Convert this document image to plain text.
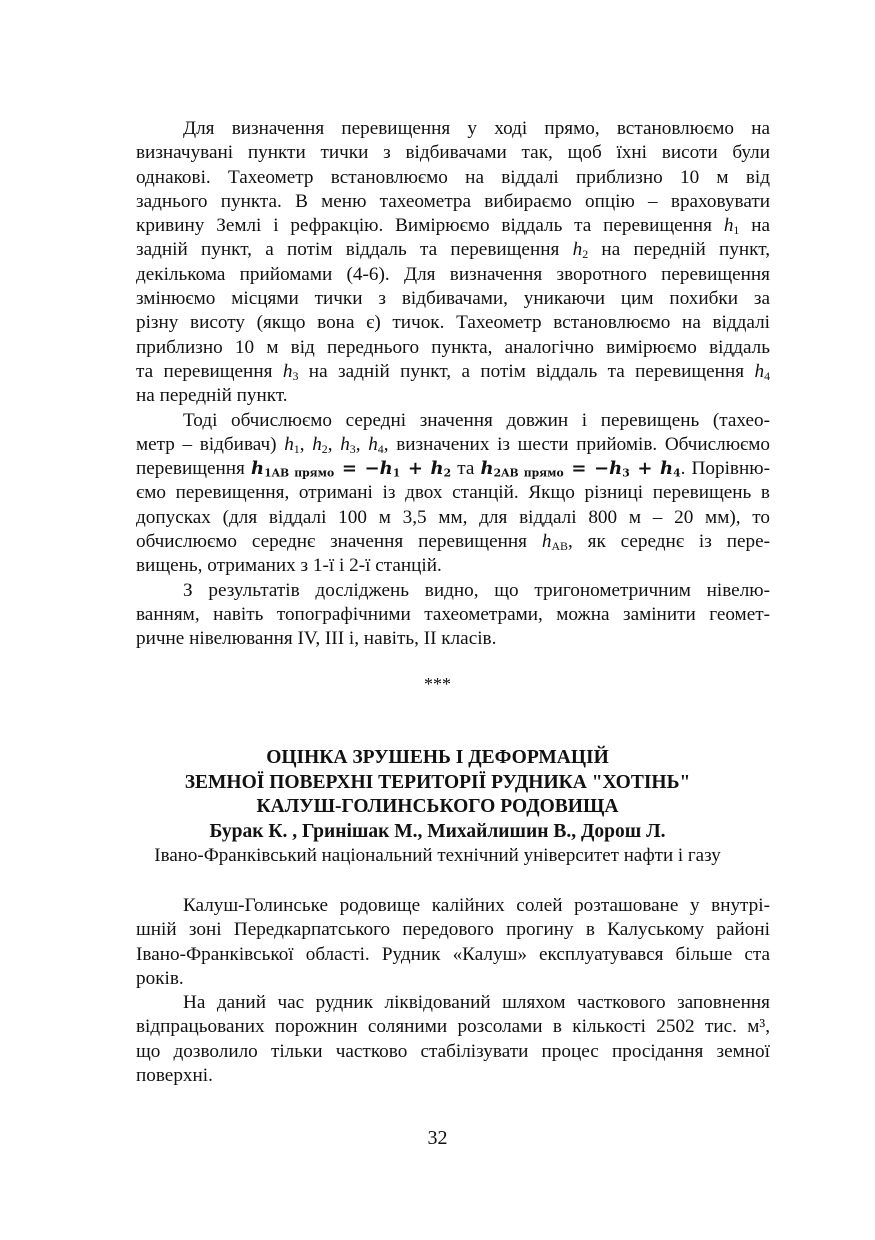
Для визначення перевищення у ході прямо, встановлюємо на
визначувані пункти тички з відбивачами так, щоб їхні висоти були
однакові. Тахеометр встановлюємо на віддалі приблизно 10 м від
заднього пункта. В меню тахеометра вибираємо опцію – враховувати
кривину Землі і рефракцію. Вимірюємо віддаль та перевищення $h_1$ на
задній пункт, а потім віддаль та перевищення $h_2$ на передній пункт,
декількома прийомами (4-6). Для визначення зворотного перевищення
змінюємо місцями тички з відбивачами, уникаючи цим похибки за
різну висоту (якщо вона є) тичок. Тахеометр встановлюємо на віддалі
приблизно 10 м від переднього пункта, аналогічно вимірюємо віддаль
та перевищення $h_3$ на задній пункт, а потім віддаль та перевищення $h_4$
на передній пункт.
Тоді обчислюємо середні значення довжин і перевищень (тахео-
метр – відбивач) $h_1$, $h_2$, $h_3$, $h_4$, визначених із шести прийомів. Обчислюємо
перевищення $h_{1AB прямо} = -h_1 + h_2$ та $h_{2AB прямо} = -h_3 + h_4$. Порівню-
ємо перевищення, отримані із двох станцій. Якщо різниці перевищень в
допусках (для віддалі 100 м 3,5 мм, для віддалі 800 м – 20 мм), то
обчислюємо середнє значення перевищення $h_{AB}$, як середнє із пере-
вищень, отриманих з 1-ї і 2-ї станцій.
З результатів досліджень видно, що тригонометричним нівелю-
ванням, навіть топографічними тахеометрами, можна замінити геомет-
ричне нівелювання IV, III і, навіть, II класів.
***
ОЦІНКА ЗРУШЕНЬ І ДЕФОРМАЦІЙ
ЗЕМНОЇ ПОВЕРХНІ ТЕРИТОРІЇ РУДНИКА "ХОТІНЬ"
КАЛУШ-ГОЛИНСЬКОГО РОДОВИЩА
Бурак К. , Гринішак М., Михайлишин В., Дорош Л.
Івано-Франківський національний технічний університет нафти і газу
Калуш-Голинське родовище калійних солей розташоване у внутрі-
шній зоні Передкарпатського передового прогину в Калуському районі
Івано-Франківської області. Рудник «Калуш» експлуатувався більше ста
років.
На даний час рудник ліквідований шляхом часткового заповнення
відпрацьованих порожнин соляними розсолами в кількості 2502 тис. м³,
що дозволило тільки частково стабілізувати процес просідання земної
поверхні.
32
